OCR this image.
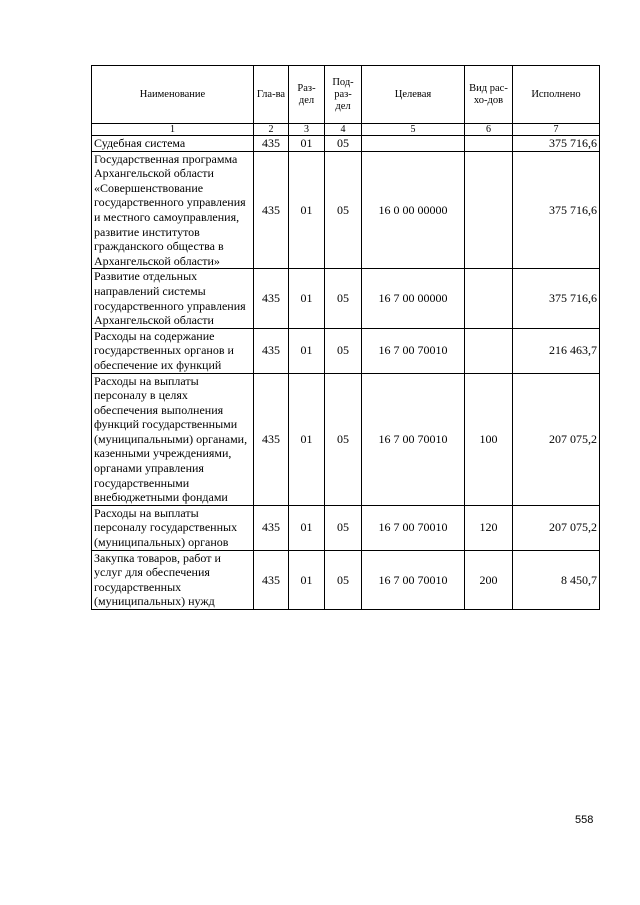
Наименование	Гла-ва	Раз-дел	Под-раз-дел	Целевая	Вид рас-хо-дов	Исполнено
1	2	3	4	5	6	7
Судебная система	435	01	05			375 716,6
Государственная программа Архангельской области «Совершенствование государственного управления и местного самоуправления, развитие институтов гражданского общества в Архангельской области»	435	01	05	16 0 00 00000		375 716,6
Развитие отдельных направлений системы государственного управления Архангельской области	435	01	05	16 7 00 00000		375 716,6
Расходы на содержание государственных органов и обеспечение их функций	435	01	05	16 7 00 70010		216 463,7
Расходы на выплаты персоналу в целях обеспечения выполнения функций государственными (муниципальными) органами, казенными учреждениями, органами управления государственными внебюджетными фондами	435	01	05	16 7 00 70010	100	207 075,2
Расходы на выплаты персоналу государственных (муниципальных) органов	435	01	05	16 7 00 70010	120	207 075,2
Закупка товаров, работ и услуг для обеспечения государственных (муниципальных) нужд	435	01	05	16 7 00 70010	200	8 450,7
558
